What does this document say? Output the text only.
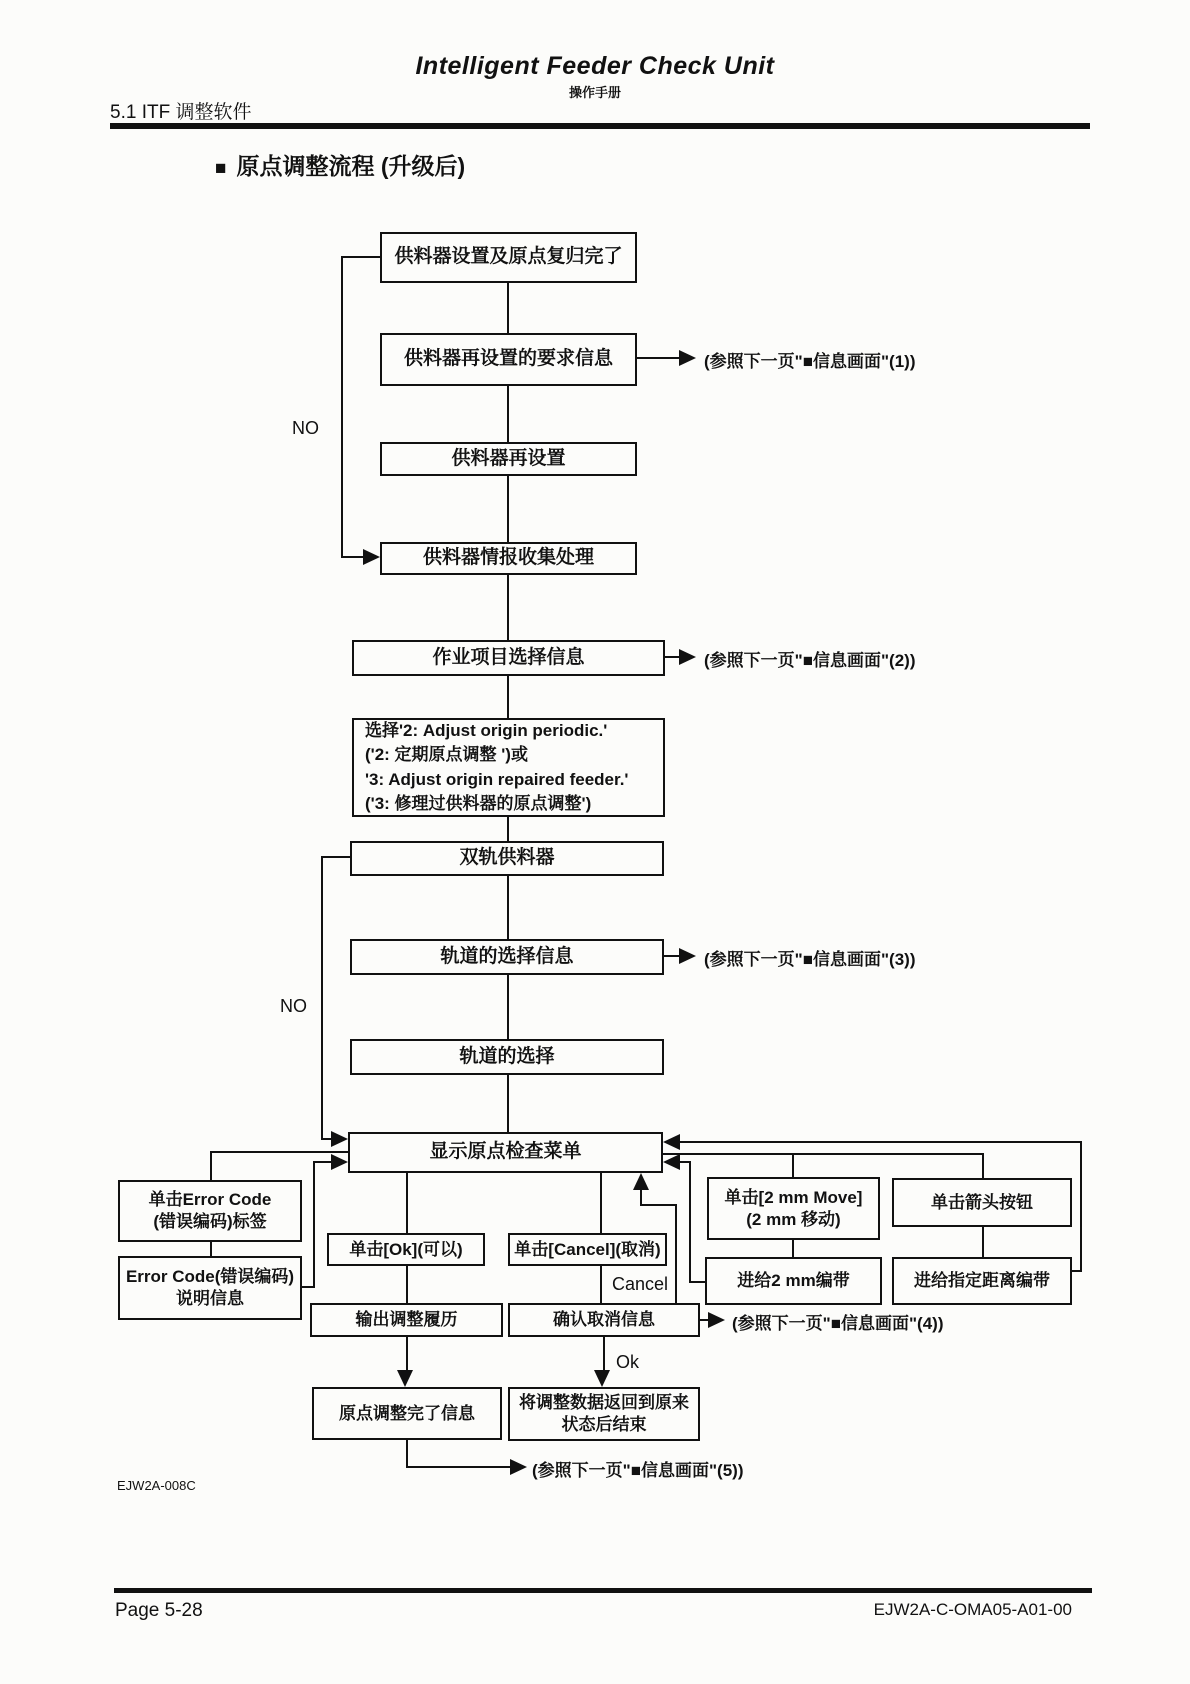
Intelligent Feeder Check Unit
操作手册
5.1 ITF 调整软件
■ 原点调整流程 (升级后)
NO
NO
(参照下一页"■信息画面"(1))
(参照下一页"■信息画面"(2))
(参照下一页"■信息画面"(3))
供料器设置及原点复归完了
供料器再设置的要求信息
供料器再设置
供料器情报收集处理
作业项目选择信息
选择'2: Adjust origin periodic.'
('2: 定期原点调整 ')或
'3: Adjust origin repaired feeder.'
('3: 修理过供料器的原点调整')
双轨供料器
轨道的选择信息
轨道的选择
显示原点检查菜单
单击Error Code
(错误编码)标签
Error Code(错误编码)
说明信息
单击[Ok](可以)
输出调整履历
原点调整完了信息
单击[Cancel](取消)
Cancel
确认取消信息
Ok
将调整数据返回到原来
状态后结束
(参照下一页"■信息画面"(4))
(参照下一页"■信息画面"(5))
单击[2 mm Move]
(2 mm 移动)
单击箭头按钮
进给2 mm编带	进给指定距离编带
EJW2A-008C
Page 5-28	EJW2A-C-OMA05-A01-00
